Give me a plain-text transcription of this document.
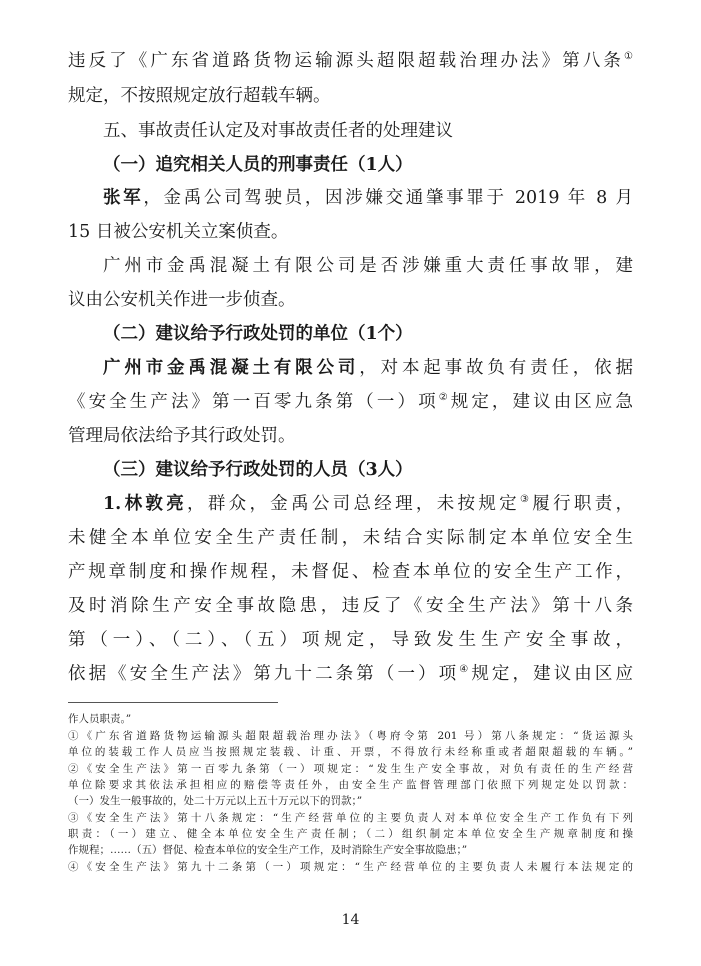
违反了《广东省道路货物运输源头超限超载治理办法》第八条①
规定，不按照规定放行超载车辆。
五、事故责任认定及对事故责任者的处理建议
（一）追究相关人员的刑事责任（1人）
张军，金禹公司驾驶员，因涉嫌交通肇事罪于 2019 年 8 月
15 日被公安机关立案侦查。
广州市金禹混凝土有限公司是否涉嫌重大责任事故罪，建
议由公安机关作进一步侦查。
（二）建议给予行政处罚的单位（1个）
广州市金禹混凝土有限公司，对本起事故负有责任，依据
《安全生产法》第一百零九条第（一）项②规定，建议由区应急
管理局依法给予其行政处罚。
（三）建议给予行政处罚的人员（3人）
1.林敦亮，群众，金禹公司总经理，未按规定③履行职责，
未健全本单位安全生产责任制，未结合实际制定本单位安全生
产规章制度和操作规程，未督促、检查本单位的安全生产工作，
及时消除生产安全事故隐患，违反了《安全生产法》第十八条
第（一）、（二）、（五）项规定，导致发生生产安全事故，
依据《安全生产法》第九十二条第（一）项④规定，建议由区应
作人员职责。”
①《广东省道路货物运输源头超限超载治理办法》（粤府令第 201 号）第八条规定：“货运源头
单位的装载工作人员应当按照规定装载、计重、开票，不得放行未经称重或者超限超载的车辆。”
②《安全生产法》第一百零九条第（一）项规定：“发生生产安全事故，对负有责任的生产经营
单位除要求其依法承担相应的赔偿等责任外，由安全生产监督管理部门依照下列规定处以罚款：
（一）发生一般事故的，处二十万元以上五十万元以下的罚款；”
③《安全生产法》第十八条规定：“生产经营单位的主要负责人对本单位安全生产工作负有下列
职责：（一）建立、健全本单位安全生产责任制；（二）组织制定本单位安全生产规章制度和操
作规程；……（五）督促、检查本单位的安全生产工作，及时消除生产安全事故隐患；”
④《安全生产法》第九十二条第（一）项规定：“生产经营单位的主要负责人未履行本法规定的
14
